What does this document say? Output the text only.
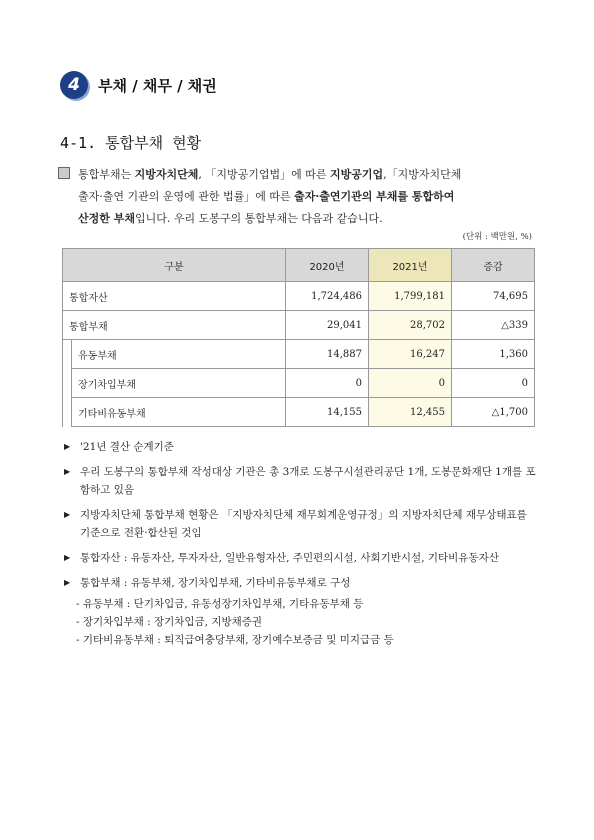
4	부채 / 채무 / 채권
4-1. 통합부채 현황

통합부채는 지방자치단체, 「지방공기업법」에 따른 지방공기업,「지방자치단체

출자·출연 기관의 운영에 관한 법률」에 따른 출자·출연기관의 부채를 통합하여

산정한 부채입니다. 우리 도봉구의 통합부채는 다음과 같습니다.

(단위 : 백만원, %)
구분		2020년	2021년	증감
통합자산		1,724,486	1,799,181	74,695
통합부채		29,041	28,702	△339
	유동부채	14,887	16,247	1,360
	장기차입부채	0	0	0
	기타비유동부채	14,155	12,455	△1,700
▶ '21년 결산 순계기준
▶ 우리 도봉구의 통합부채 작성대상 기관은 총 3개로 도봉구시설관리공단 1개, 도봉문화재단 1개를 포함하고 있음
▶ 지방자치단체 통합부채 현황은 「지방자치단체 재무회계운영규정」의 지방자치단체 재무상태표를 기준으로 전환·합산된 것임
▶ 통합자산 : 유동자산, 투자자산, 일반유형자산, 주민편의시설, 사회기반시설, 기타비유동자산
▶ 통합부채 : 유동부채, 장기차입부채, 기타비유동부채로 구성
- 유동부채 : 단기차입금, 유동성장기차입부채, 기타유동부채 등
- 장기차입부채 : 장기차입금, 지방채증권
- 기타비유동부채 : 퇴직급여충당부채, 장기예수보증금 및 미지급금 등
